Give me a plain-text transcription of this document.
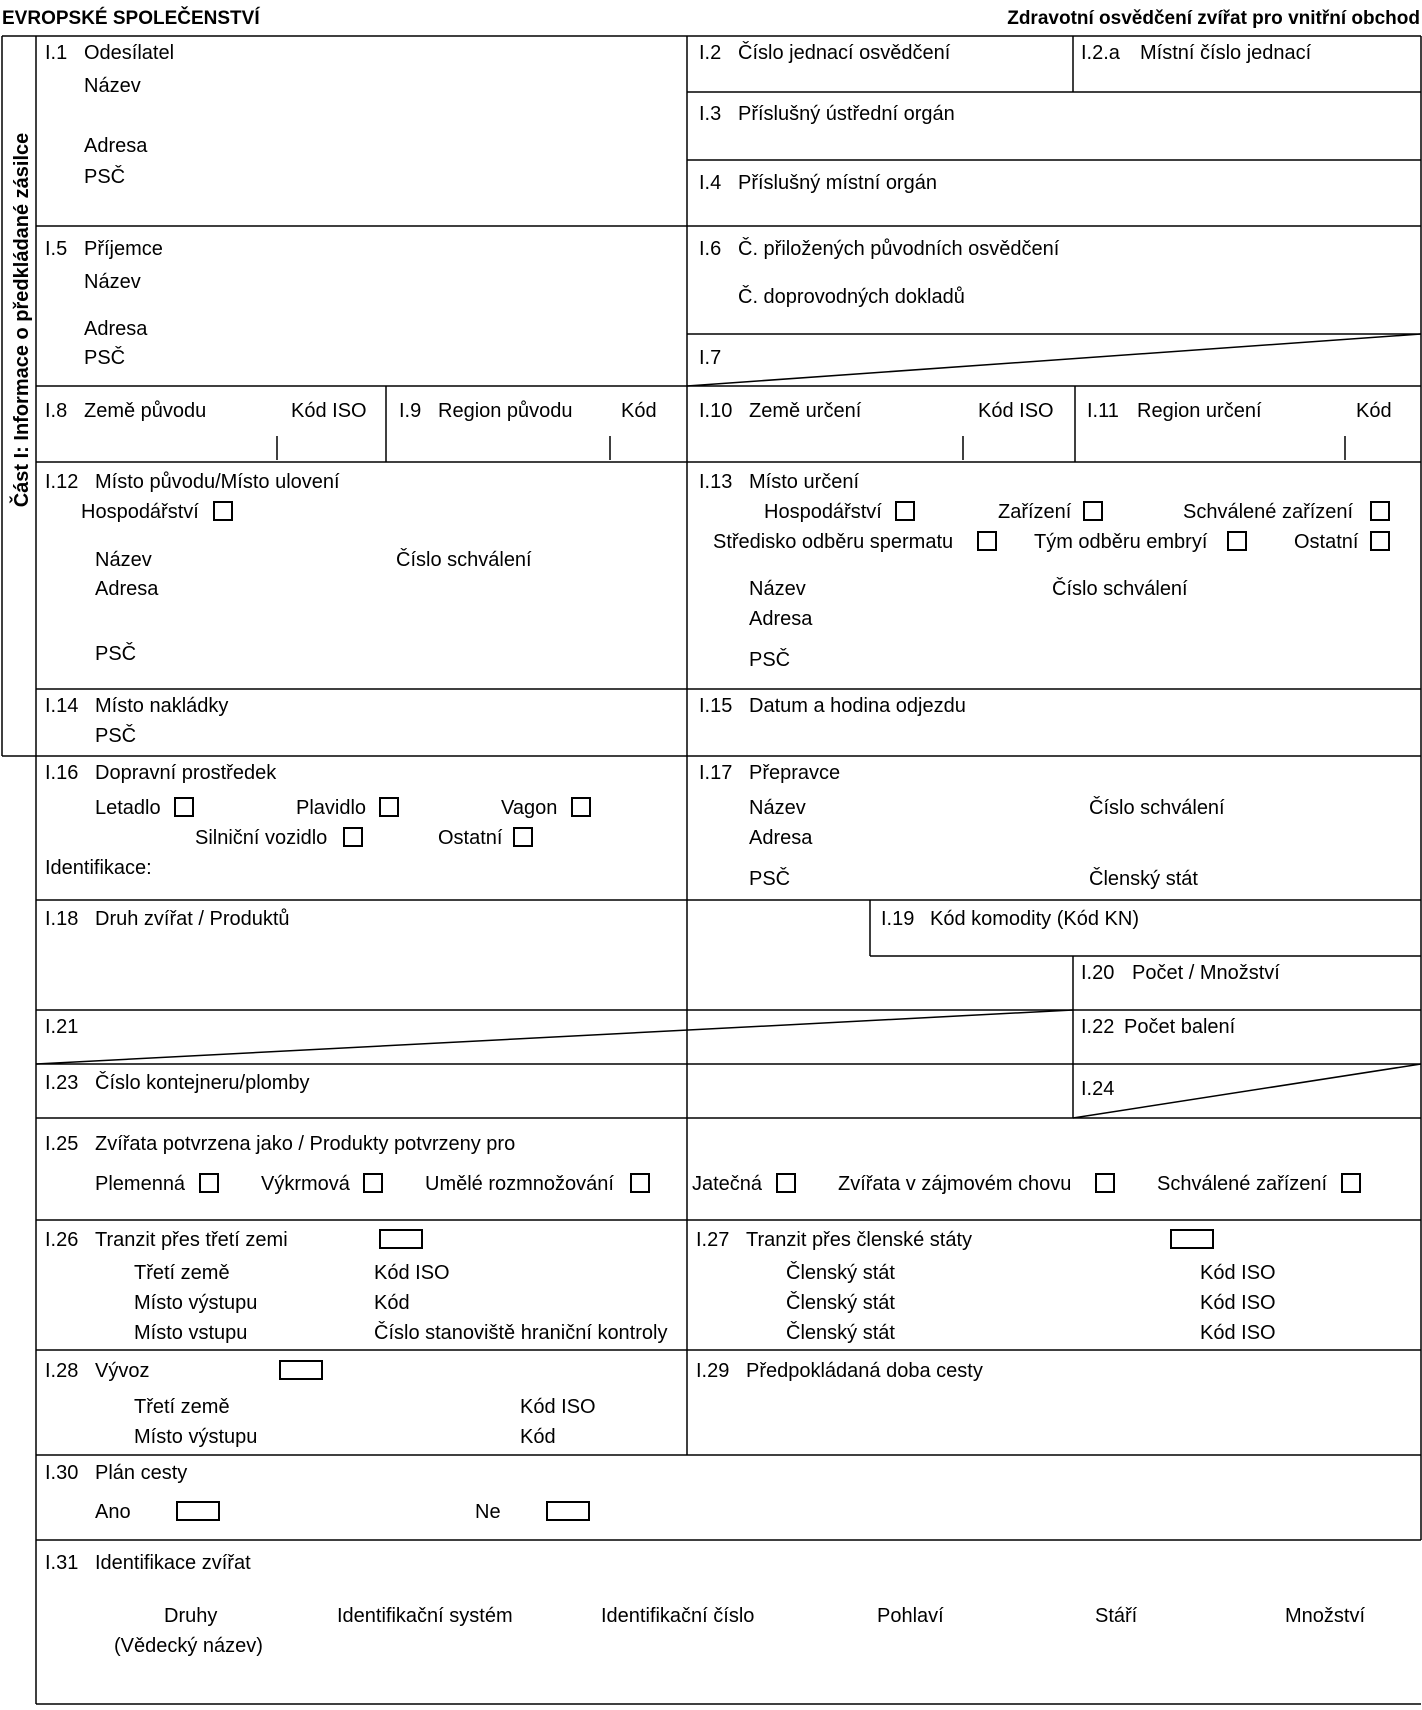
EVROPSKÉ SPOLEČENSTVÍ	Zdravotní osvědčení zvířat pro vnitřní obchod
Část I: Informace o předkládané zásilce
I.1 Odesílatel
Název
Adresa
PSČ
I.2 Číslo jednací osvědčení	I.2.a Místní číslo jednací
I.3 Příslušný ústřední orgán
I.4 Příslušný místní orgán
I.5 Příjemce
Název
Adresa
PSČ
I.6 Č. přiložených původních osvědčení
Č. doprovodných dokladů
I.7
I.8 Země původu	Kód ISO I.9 Region původu Kód I.10 Země určení	Kód ISO I.11 Region určení	Kód
I.12 Místo původu/Místo ulovení
Hospodářství
Název	Číslo schválení
Adresa
PSČ
I.13 Místo určení
Hospodářství	Zařízení	Schválené zařízení
Středisko odběru spermatu	Tým odběru embryí	Ostatní
Název	Číslo schválení
Adresa
PSČ
I.14 Místo nakládky
PSČ
I.15 Datum a hodina odjezdu
I.16 Dopravní prostředek
Letadlo	Plavidlo	Vagon
Silniční vozidlo	Ostatní
Identifikace:
I.17 Přepravce
Název	Číslo schválení
Adresa
PSČ	Členský stát
I.18 Druh zvířat / Produktů	I.19 Kód komodity (Kód KN)
I.20 Počet / Množství
I.21	I.22 Počet balení
I.23 Číslo kontejneru/plomby	I.24
I.25 Zvířata potvrzena jako / Produkty potvrzeny pro
Plemenná	Výkrmová	Umělé rozmnožování	Jatečná	Zvířata v zájmovém chovu	Schválené zařízení
I.26 Tranzit přes třetí zemi
Třetí země	Kód ISO
Místo výstupu	Kód
Místo vstupu	Číslo stanoviště hraniční kontroly
I.27 Tranzit přes členské státy
Členský stát	Kód ISO
Členský stát	Kód ISO
Členský stát	Kód ISO
I.28 Vývoz
Třetí země	Kód ISO
Místo výstupu	Kód
I.29 Předpokládaná doba cesty
I.30 Plán cesty
Ano	Ne
I.31 Identifikace zvířat
Druhy
(Vědecký název)
Identifikační systém	Identifikační číslo	Pohlaví	Stáří	Množství
